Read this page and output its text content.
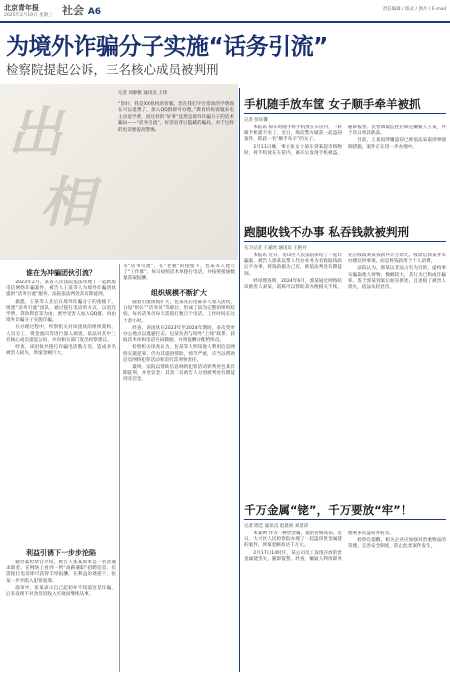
北京青年报
2025年2月19日 星期三 社会 A6	责任编辑 / 版式 / 图片 / E-mail
为境外诈骗分子实施“话务引流”
检察院提起公诉，三名核心成员被判刑
出
相
记者 周静雅 通讯员 王炜
“您好，我是XX机构的客服。您在我们平台借款的学费现在可以退费了，加入QQ群即可办理。”教育机构客服来电主动退学费，而这样的“好事”竟然是境外诈骗分子的话术骗局——“话务引流”。好消息背后隐藏的骗局。对于这样的电话要提高警惕。
谁在为冲骗团伙引流？

2023年2月，某省人民法院依法审理了一起跨境电信网络诈骗案件，被告人王某等人为境外诈骗团伙提供“话务引流”服务，法院依法判处其有期徒刑。

据悉，王某等人先后在境外诈骗分子的指使下，组建“话务引流”团队，通过拨打电话的方式，以退还学费、贷款利息等为由，诱导受害人加入QQ群，再由境外诈骗分子实施诈骗。

在办理过程中，检察机关对该团伙的组织架构、人员分工、资金流向等进行深入调查，依法对其中三名核心成员提起公诉，并向相关部门发出检察建议。

经查，该团伙共拨打诈骗电话数万次，造成多名被害人损失，涉案金额巨大。

利益引诱下一步步沦陷

据办案检察官介绍，被告人张某原本是一名普通求职者，在网络上看到一则“高薪兼职”招聘信息，仅需拨打电话即可获得丰厚报酬。在利益的诱惑下，张某一步步陷入犯罪泥潭。

庭审中，张某表示自己起初并不知道这是诈骗，后来发现不对劲但因收入可观而继续从事。

等“话务引流”，在“老板”的指使下，包某等人建立了“工作群”，每日按照话术单拨打电话，并按照接通数量获取报酬。
组织规模不断扩大

随着引流规模扩大，包某先后招募多人加入团伙，分设“组长”“话务员”等职位，形成了较为完整的组织结构。每名话务员每天需拨打数百个电话，工作时间长达十余小时。

经查，该团伙在2023年至2024年期间，多次变更办公地点以逃避打击。包某负责与境外“上线”联系，获取话术单和电话号码数据，并将报酬分配给组员。

检察机关审查认为，包某等人明知他人利用信息网络实施犯罪，仍为其提供帮助，情节严重，应当以帮助信息网络犯罪活动罪追究其刑事责任。

最终，法院以帮助信息网络犯罪活动罪判处包某有期徒刑，并处罚金；其余二名被告人分别被判处有期徒刑及罚金。

手机随手放车筐 女子顺手牵羊被抓
记者 彭钰馨

本报讯 骑车时随手将手机放在车筐内，一转眼手机就不见了。近日，海淀警方破获一起盗窃案件，抓获一名“顺手牵羊”的女子。

2月11日晚，事主张女士骑车到某超市购物时，将手机放在车筐内，离开后发现手机被盗，随即报警。民警调取监控后锁定嫌疑人王某，并于次日将其抓获。

目前，王某因涉嫌盗窃已被依法采取刑事强制措施，案件正在进一步办理中。

跑腿收钱不办事 私吞钱款被判刑
实习记者 王嘉欣 通讯员 王艳丹

本报讯 近日，房山区人民法院审结了一起诈骗案，被告人郭某以帮人代办业务为名收取钱款后不办事，将钱款据为己有，被依法判处有期徒刑。

经审理查明，2024年6月，郭某通过网络结识被害人刘某，谎称可以帮助其办理相关手续，先后收取刘某钱款共计万余元。收款后郭某并未办理任何事项，而是将钱款用于个人消费。

法院认为，郭某以非法占有为目的，虚构事实骗取他人财物，数额较大，其行为已构成诈骗罪。鉴于郭某到案后如实供述，且退赔了被害人损失，依法从轻处罚。

千万金属“铑”，千万要放“牢”！
记者 隋艺 通讯员 赵晨妍 刘景萍

本案例 作为一种贵金属，铑的价格高昂。近日，大兴区人民检察院办理了一起盗窃贵金属铑的案件，涉案金额高达千万元。

2月17日14时许，某公司员工发现存放的贵金属铑丢失，随即报警。经查，嫌疑人利用职务便利多次盗窃并转卖。

检察官提醒，相关企业应加强对贵重物品的管理，完善安全制度，防止此类案件发生。
